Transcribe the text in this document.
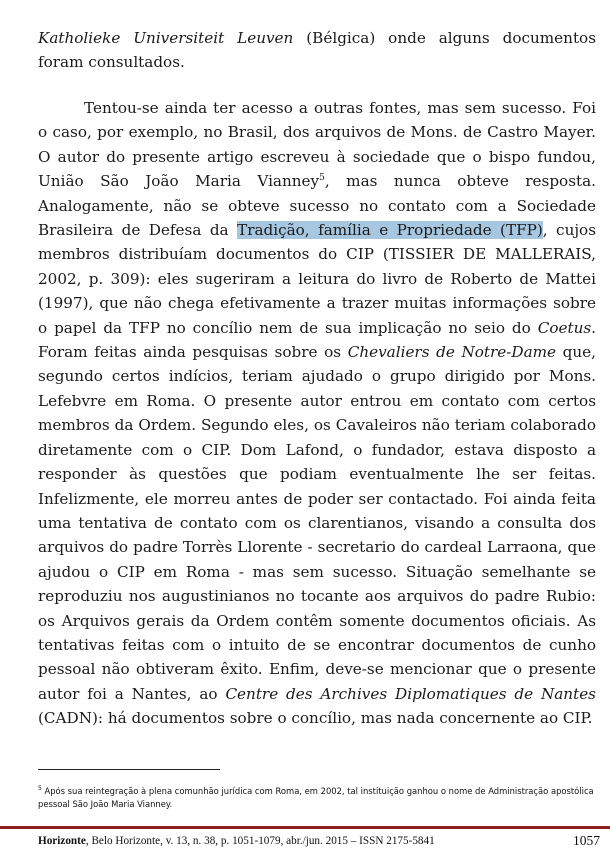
Katholieke Universiteit Leuven (Bélgica) onde alguns documentos foram consultados.

Tentou-se ainda ter acesso a outras fontes, mas sem sucesso. Foi o caso, por exemplo, no Brasil, dos arquivos de Mons. de Castro Mayer. O autor do presente artigo escreveu à sociedade que o bispo fundou, União São João Maria Vianney$^5$, mas nunca obteve resposta. Analogamente, não se obteve sucesso no contato com a Sociedade Brasileira de Defesa da Tradição, família e Propriedade (TFP), cujos membros distribuíam documentos do CIP (TISSIER DE MALLERAIS, 2002, p. 309): eles sugeriram a leitura do livro de Roberto de Mattei (1997), que não chega efetivamente a trazer muitas informações sobre o papel da TFP no concílio nem de sua implicação no seio do Coetus. Foram feitas ainda pesquisas sobre os Chevaliers de Notre-Dame que, segundo certos indícios, teriam ajudado o grupo dirigido por Mons. Lefebvre em Roma. O presente autor entrou em contato com certos membros da Ordem. Segundo eles, os Cavaleiros não teriam colaborado diretamente com o CIP. Dom Lafond, o fundador, estava disposto a responder às questões que podiam eventualmente lhe ser feitas. Infelizmente, ele morreu antes de poder ser contactado. Foi ainda feita uma tentativa de contato com os clarentianos, visando a consulta dos arquivos do padre Torrès Llorente - secretario do cardeal Larraona, que ajudou o CIP em Roma - mas sem sucesso. Situação semelhante se reproduziu nos augustinianos no tocante aos arquivos do padre Rubio: os Arquivos gerais da Ordem contêm somente documentos oficiais. As tentativas feitas com o intuito de se encontrar documentos de cunho pessoal não obtiveram êxito. Enfim, deve-se mencionar que o presente autor foi a Nantes, ao Centre des Archives Diplomatiques de Nantes (CADN): há documentos sobre o concílio, mas nada concernente ao CIP.

$^5$ Após sua reintegração à plena comunhão jurídica com Roma, em 2002, tal instituição ganhou o nome de Administração apostólica pessoal São João Maria Vianney.
Horizonte, Belo Horizonte, v. 13, n. 38, p. 1051-1079, abr./jun. 2015 – ISSN 2175-5841	1057
